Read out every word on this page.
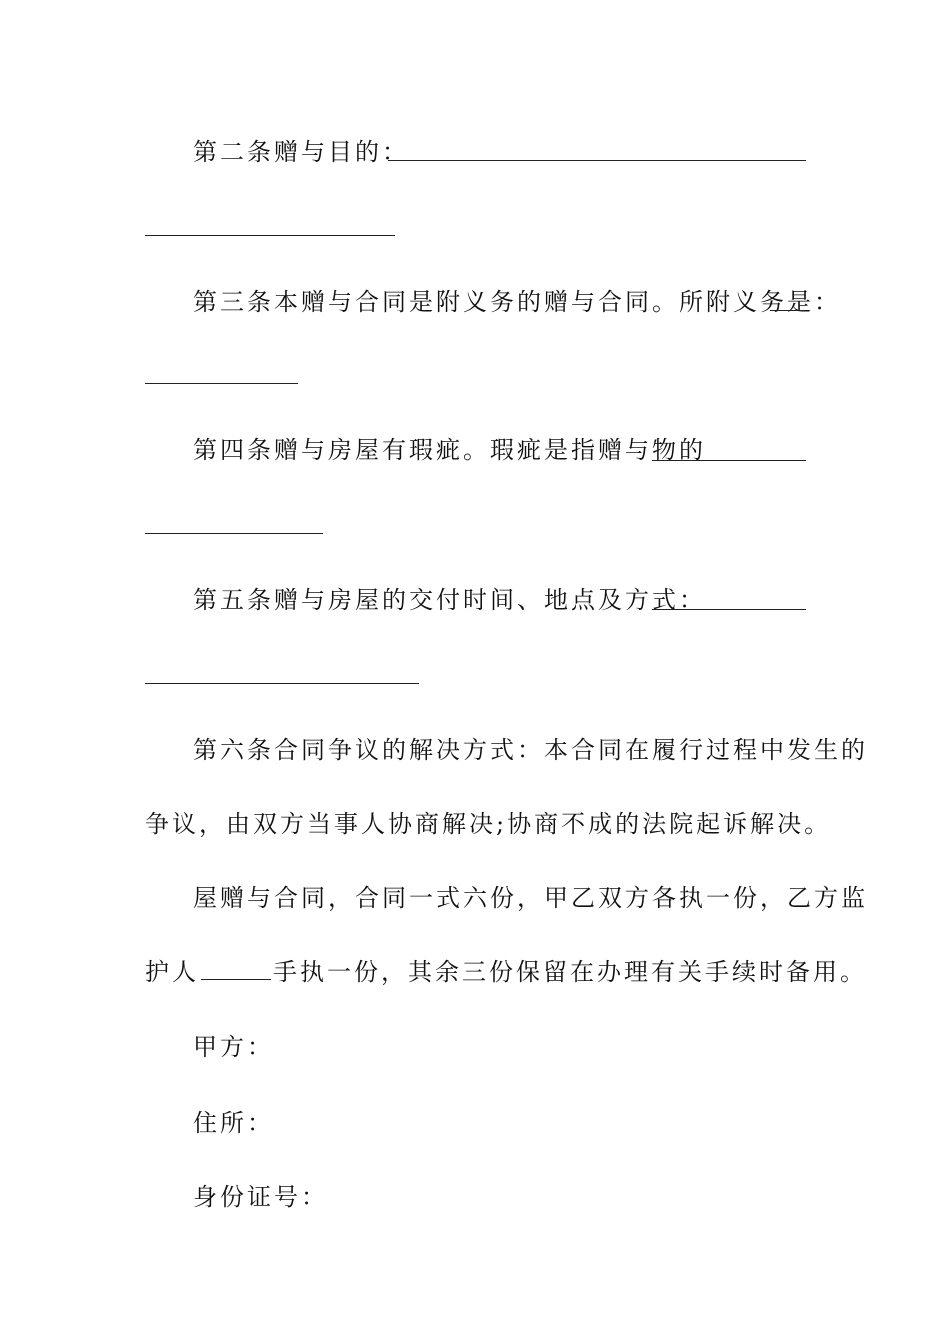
第二条赠与目的：
第三条本赠与合同是附义务的赠与合同。所附义务是：
第四条赠与房屋有瑕疵。瑕疵是指赠与物的
第五条赠与房屋的交付时间、地点及方式：
第六条合同争议的解决方式：本合同在履行过程中发生的
争议，由双方当事人协商解决;协商不成的法院起诉解决。
屋赠与合同，合同一式六份，甲乙双方各执一份，乙方监
护人	手执一份，其余三份保留在办理有关手续时备用。
甲方：
住所：
身份证号：
